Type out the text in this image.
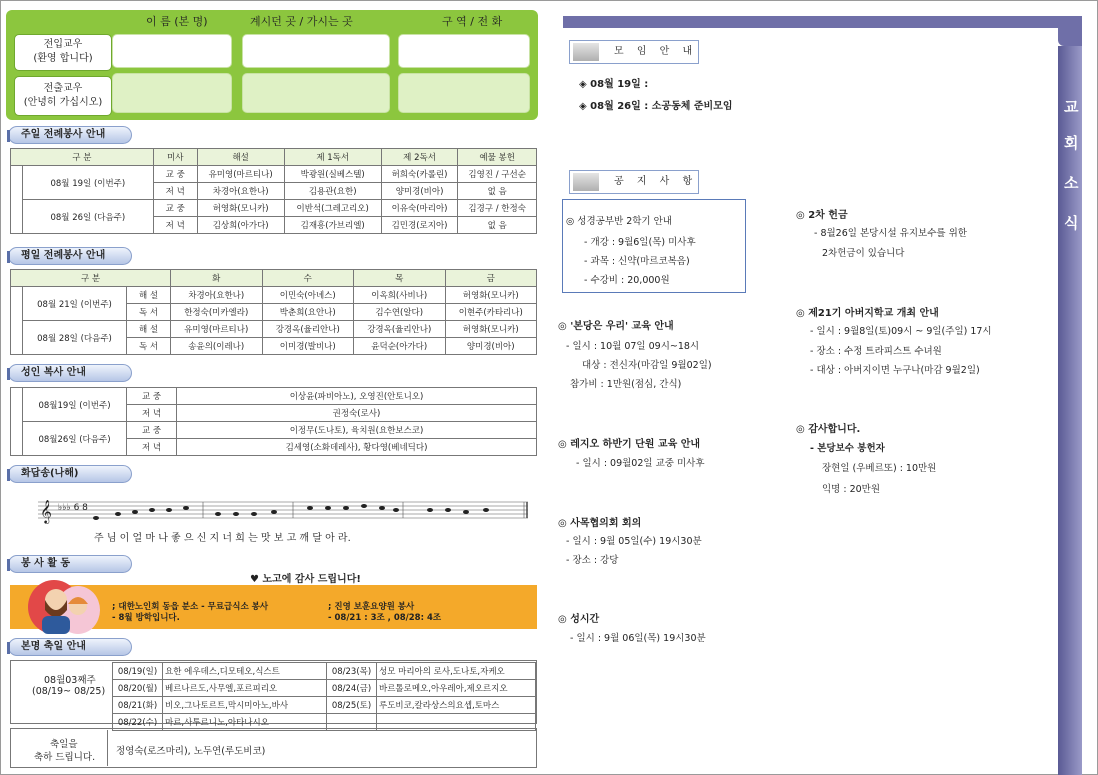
이 름 (본 명)	계시던 곳 / 가시는 곳	구 역 / 전 화
전입교우
(환영 합니다)
전출교우
(안녕히 가십시오)
주일 전례봉사 안내
구 분		미사	해설	제 1독서	제 2독서	예물 봉헌
	08월 19일 (이번주)	교 중	유미영(마르티나)	박광원(실베스텔)	허희숙(카롤린)	김영진 / 구선순
		저 녁	차경아(요한나)	김용관(요한)	양미경(비아)	없 음
	08월 26일 (다음주)	교 중	허영화(모니카)	이반석(그레고리오)	이유숙(마리아)	김경구 / 한정숙
		저 녁	김상희(아가다)	김재흥(가브리엘)	김민경(로지아)	없 음
평일 전례봉사 안내
구 분			화	수	목	금
	08월 21일 (이번주)	해 설	차경아(요한나)	이민숙(아녜스)	이옥희(사비나)	허영화(모니카)
		독 서	한정숙(미카엘라)	박춘희(요안나)	김수연(알다)	이현주(카타리나)
	08월 28일 (다음주)	해 설	유미영(마르티나)	강경옥(율리안나)	강경옥(율리안나)	허영화(모니카)
		독 서	송윤의(이레나)	이미경(발비나)	윤덕순(아가다)	양미경(비아)
성인 복사 안내
	08월19일 (이번주)	교 중	이상윤(파비아노), 오영진(안토니오)
		저 녁	권정숙(로사)
	08월26일 (다음주)	교 중	이정무(도나토), 육치원(요한보스코)
		저 녁	김세영(소화데레사), 황다영(베네딕다)
화답송(나해)
𝄞 ♭♭♭ 6 8
주 님 이 얼 마 나 좋 으 신 지 너 희 는 맛 보 고 깨 달 아 라.
봉 사 활 동
♥ 노고에 감사 드립니다!
; 대한노인회 동읍 분소 - 무료급식소 봉사
- 8월 방학입니다.
; 진영 보훈요양원 봉사
- 08/21 : 3조 , 08/28: 4조
본명 축일 안내
08월03째주
(08/19~ 08/25)
08/19(일)	요한 에우데스,디모테오,식스트	08/23(목)	성모 마리아의 로사,도나토,자케오
08/20(월)	베르나르도,사무엘,포르피리오	08/24(금)	바르톨로메오,아우레아,제오르지오
08/21(화)	비오,그나토르트,막시미아노,바사	08/25(토)	루도비코,칼라상스의요셉,토마스
08/22(수)	마르,사투르니노,아타나시오		
축일을
축하 드립니다.
정영숙(로즈마리), 노두연(루도비코)
교
회
소
식
모 임 안 내
◈ 08월 19일 :
◈ 08월 26일 : 소공동체 준비모임
공 지 사 항
◎ 성경공부반 2학기 안내
- 개강 : 9월6일(목) 미사후
- 과목 : 신약(마르코복음)
- 수강비 : 20,000원
◎ '본당은 우리' 교육 안내
- 일시 : 10월 07일 09시~18시
대상 : 전신자(마감일 9월02일)
참가비 : 1만원(점심, 간식)
◎ 레지오 하반기 단원 교육 안내
- 일시 : 09월02일 교중 미사후
◎ 사목협의회 회의
- 일시 : 9월 05일(수) 19시30분
- 장소 : 강당
◎ 성시간
- 일시 : 9월 06일(목) 19시30분
◎ 2차 헌금
- 8월26일 본당시설 유지보수를 위한
2차헌금이 있습니다
◎ 제21기 아버지학교 개최 안내
- 일시 : 9월8일(토)09시 ~ 9일(주일) 17시
- 장소 : 수정 트라피스트 수녀원
- 대상 : 아버지이면 누구나(마감 9월2일)
◎ 감사합니다.
- 본당보수 봉헌자
장현일 (우베르또) : 10만원
익명 : 20만원
